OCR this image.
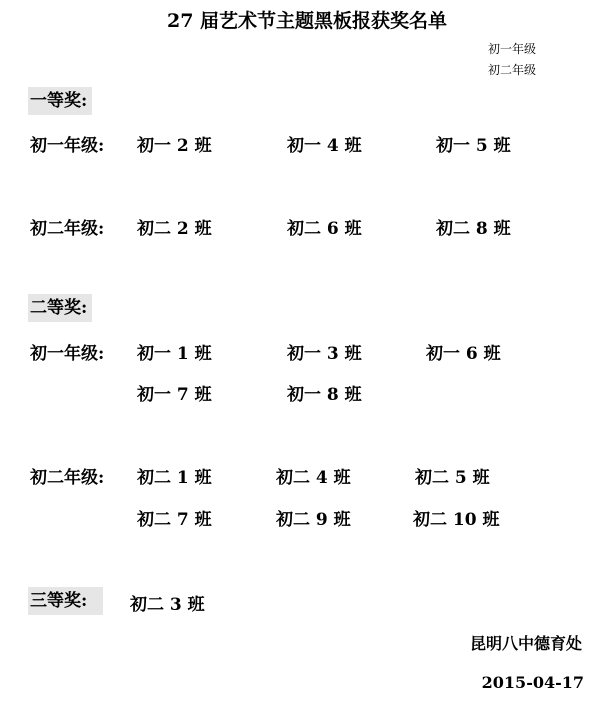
27 届艺术节主题黑板报获奖名单
初一年级
初二年级
一等奖:
初一年级: 初一 2 班	初一 4 班	初一 5 班
初二年级: 初二 2 班	初二 6 班	初二 8 班
二等奖:
初一年级: 初一 1 班	初一 3 班	初一 6 班
初一 7 班	初一 8 班
初二年级: 初二 1 班	初二 4 班	初二 5 班
初二 7 班	初二 9 班	初二 10 班
三等奖:	初二 3 班
昆明八中德育处
2015-04-17
